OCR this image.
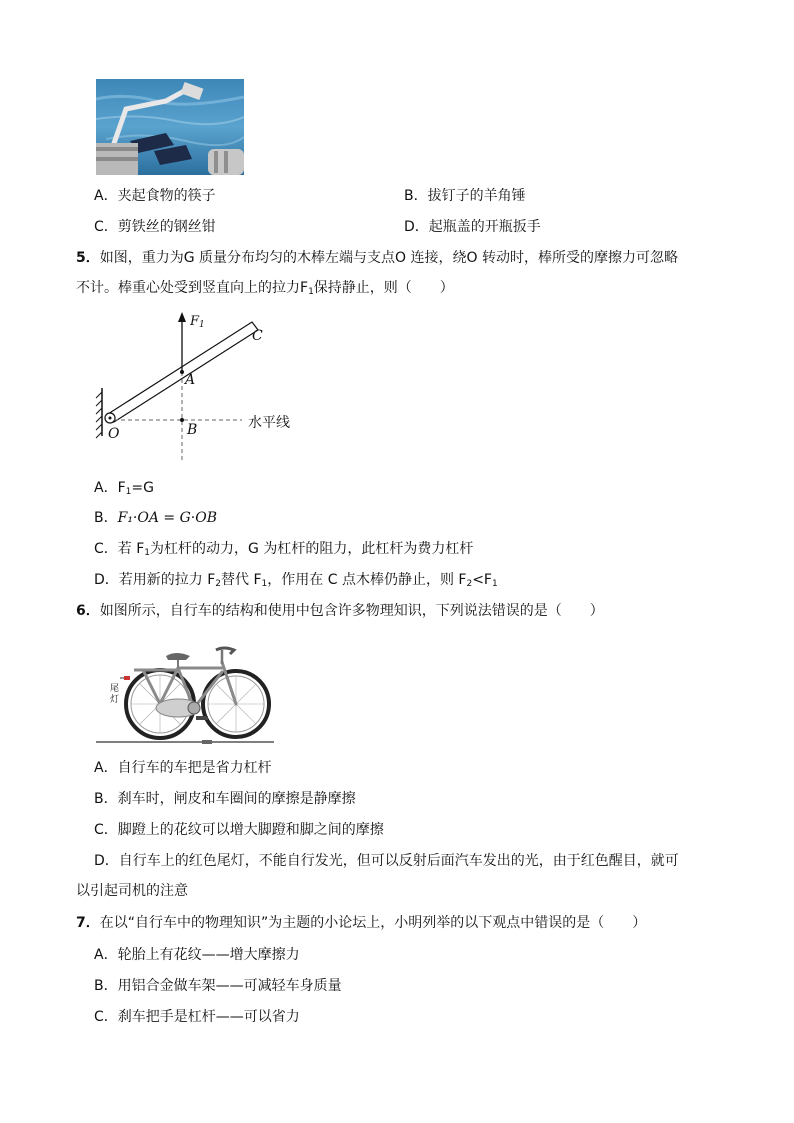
A．夹起食物的筷子	B．拔钉子的羊角锤
C．剪铁丝的钢丝钳	D．起瓶盖的开瓶扳手
5．如图，重力为G 质量分布均匀的木棒左端与支点O 连接，绕O 转动时，棒所受的摩擦力可忽略
不计。棒重心处受到竖直向上的拉力$F_1$保持静止，则（　　）
$F_1$
C
A
O	B	水平线
A．$F_1=G$
B．F₁·OA = G·OB
C．若 $F_1$为杠杆的动力，G 为杠杆的阻力，此杠杆为费力杠杆
D．若用新的拉力 $F_2$替代 $F_1$，作用在 C 点木棒仍静止，则 $F_2<F_1$
6．如图所示，自行车的结构和使用中包含许多物理知识，下列说法错误的是（　　）
尾灯
A．自行车的车把是省力杠杆
B．刹车时，闸皮和车圈间的摩擦是静摩擦
C．脚蹬上的花纹可以增大脚蹬和脚之间的摩擦
D．自行车上的红色尾灯，不能自行发光，但可以反射后面汽车发出的光，由于红色醒目，就可
以引起司机的注意
7．在以“自行车中的物理知识”为主题的小论坛上，小明列举的以下观点中错误的是（　　）
A．轮胎上有花纹——增大摩擦力
B．用铝合金做车架——可减轻车身质量
C．刹车把手是杠杆——可以省力
